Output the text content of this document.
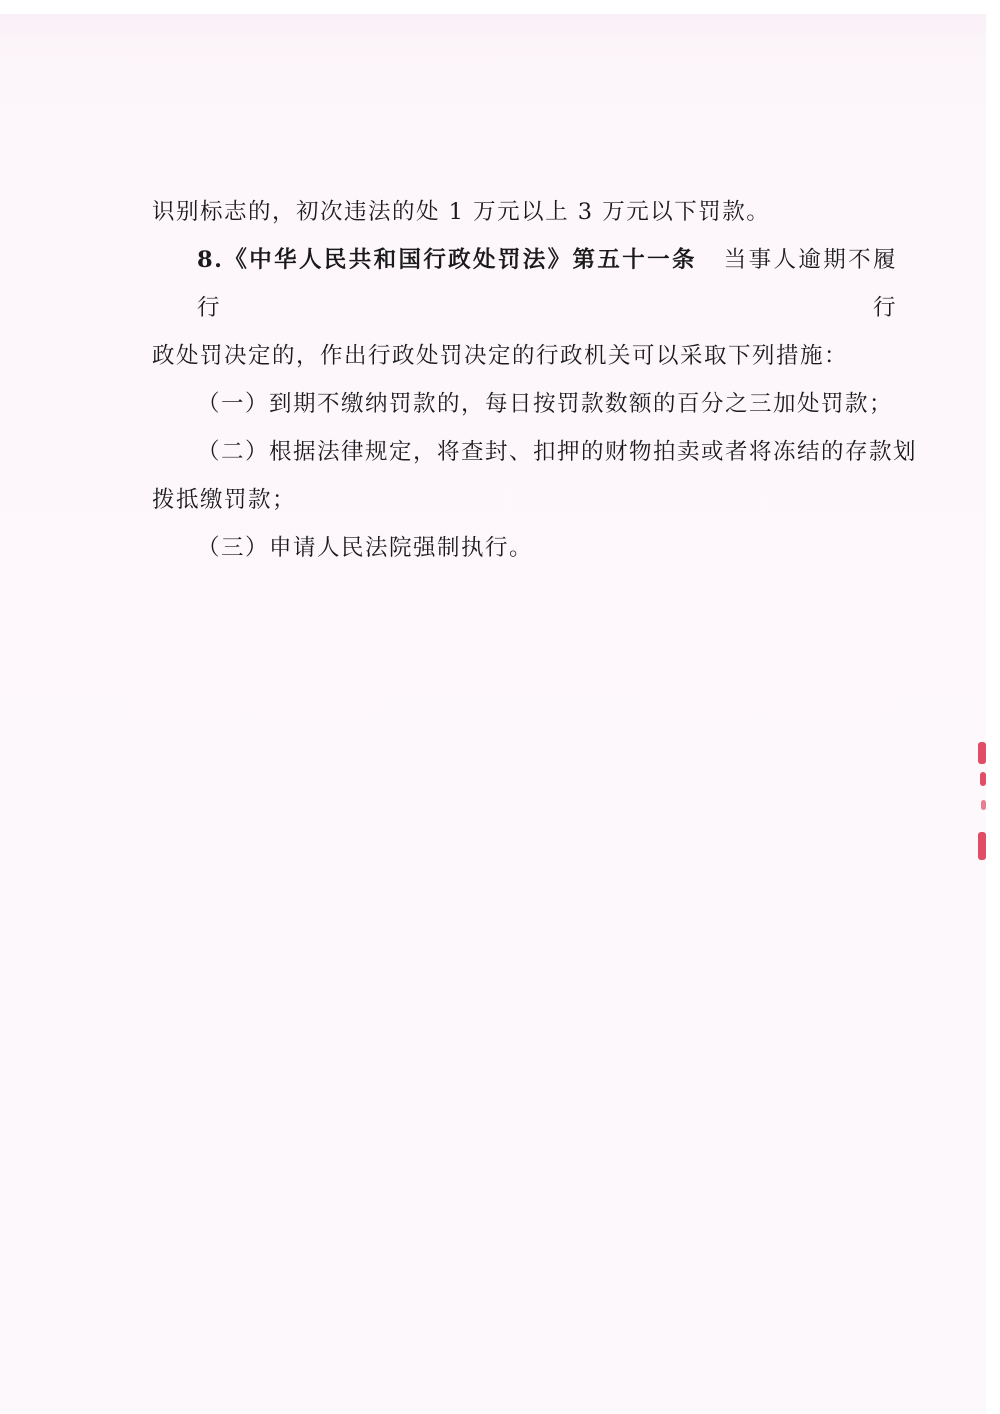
识别标志的，初次违法的处 1 万元以上 3 万元以下罚款。

8.《中华人民共和国行政处罚法》第五十一条 当事人逾期不履行行

政处罚决定的，作出行政处罚决定的行政机关可以采取下列措施：

（一）到期不缴纳罚款的，每日按罚款数额的百分之三加处罚款；

（二）根据法律规定，将查封、扣押的财物拍卖或者将冻结的存款划

拨抵缴罚款；

（三）申请人民法院强制执行。
